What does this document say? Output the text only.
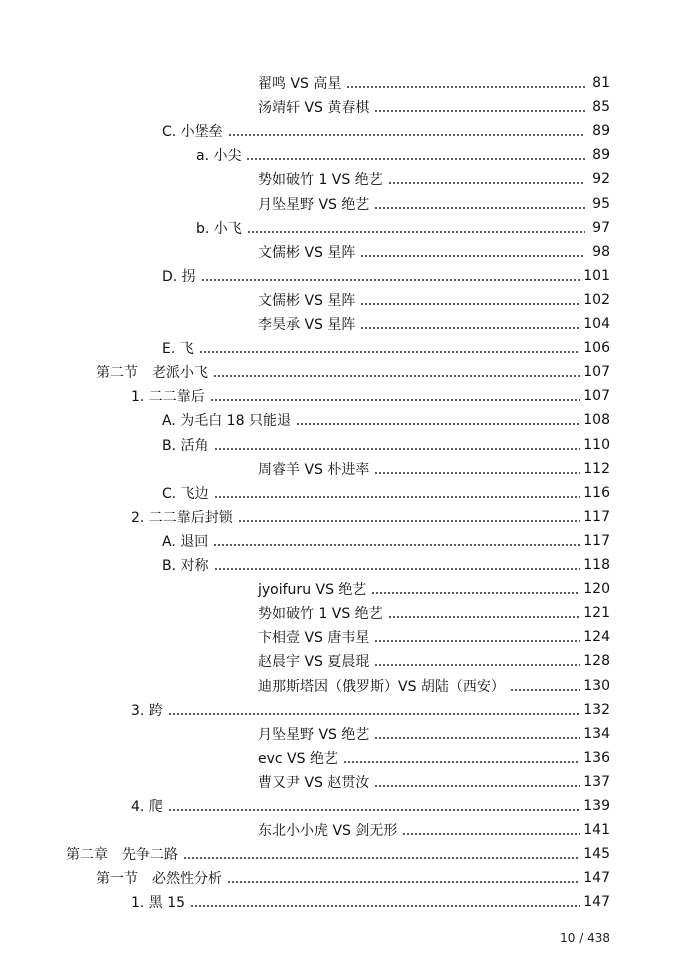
翟鸣 VS 高星	81
汤靖轩 VS 黄春棋	85
C. 小堡垒	89
a. 小尖	89
势如破竹 1 VS 绝艺	92
月坠星野 VS 绝艺	95
b. 小飞	97
文儒彬 VS 星阵	98
D. 拐	101
文儒彬 VS 星阵	102
李昊承 VS 星阵	104
E. 飞	106
第二节　老派小飞	107
1. 二二靠后	107
A. 为毛白 18 只能退	108
B. 活角	110
周睿羊 VS 朴进率	112
C. 飞边	116
2. 二二靠后封锁	117
A. 退回	117
B. 对称	118
jyoifuru VS 绝艺	120
势如破竹 1 VS 绝艺	121
卞相壹 VS 唐韦星	124
赵晨宇 VS 夏晨琨	128
迪那斯塔因（俄罗斯）VS 胡陆（西安）	130
3. 跨	132
月坠星野 VS 绝艺	134
evc VS 绝艺	136
曹又尹 VS 赵贯汝	137
4. 爬	139
东北小小虎 VS 剑无形	141
第二章　先争二路	145
第一节　必然性分析	147
1. 黑 15	147
10 / 438
